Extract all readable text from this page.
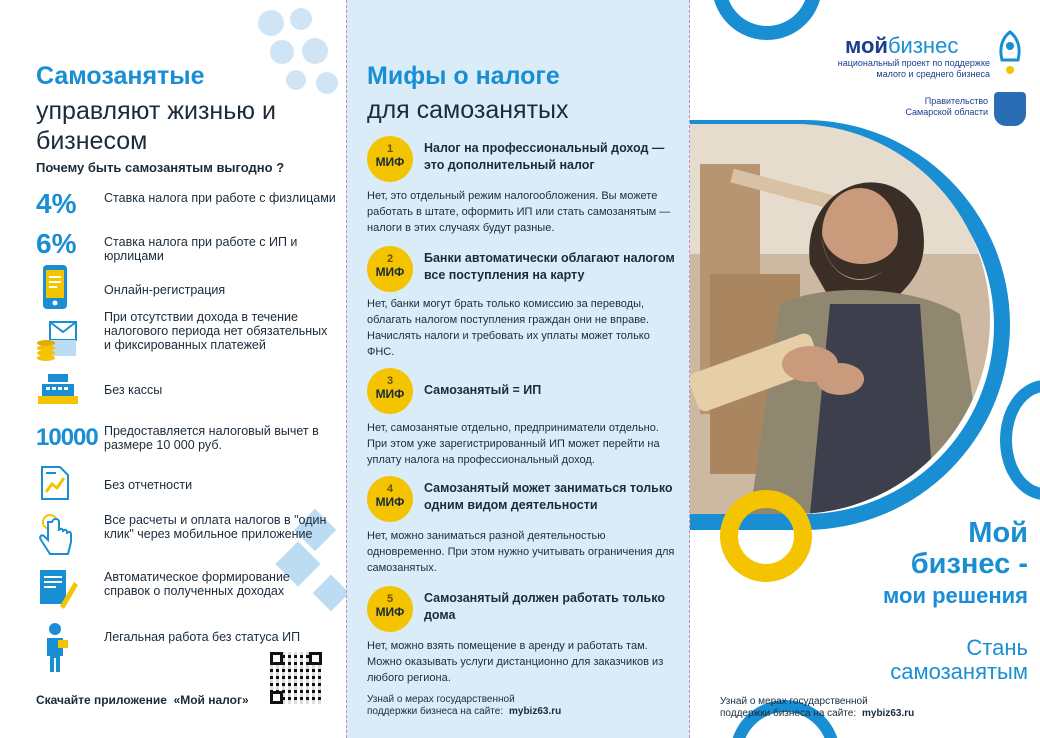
Самозанятые
управляют жизнью и бизнесом
Почему быть самозанятым выгодно ?
4% Ставка налога при работе с физлицами
6% Ставка налога при работе с ИП и юрлицами
Онлайн-регистрация
При отсутствии дохода в течение налогового периода нет обязательных и фиксированных платежей
Без кассы
10000 Предоставляется налоговый вычет в размере 10 000 руб.
Без отчетности
Все расчеты и оплата налогов в "один клик" через мобильное приложение
Автоматическое формирование справок о полученных доходах
Легальная работа без статуса ИП
Скачайте приложение «Мой налог»
Мифы о налоге
для самозанятых
1
МИФ
Налог на профессиональный доход — это дополнительный налог
Нет, это отдельный режим налогообложения. Вы можете работать в штате, оформить ИП или стать самозанятым — налоги в этих случаях будут разные.
2
МИФ
Банки автоматически облагают налогом все поступления на карту
Нет, банки могут брать только комиссию за переводы, облагать налогом поступления граждан они не вправе. Начислять налоги и требовать их уплаты может только ФНС.
3
МИФ	Самозанятый = ИП
Нет, самозанятые отдельно, предприниматели отдельно. При этом уже зарегистрированный ИП может перейти на уплату налога на профессиональный доход.
4
МИФ
Самозанятый может заниматься только одним видом деятельности
Нет, можно заниматься разной деятельностью одновременно. При этом нужно учитывать ограничения для самозанятых.
5
МИФ
Самозанятый должен работать только дома
Нет, можно взять помещение в аренду и работать там. Можно оказывать услуги дистанционно для заказчиков из любого региона.
Узнай о мерах государственной поддержки бизнеса на сайте: mybiz63.ru
мойбизнес
национальный проект по поддержке малого и среднего бизнеса
Правительство Самарской области
Мой
бизнес -
мои решения
Стань
самозанятым
Узнай о мерах государственной поддержки бизнеса на сайте: mybiz63.ru
